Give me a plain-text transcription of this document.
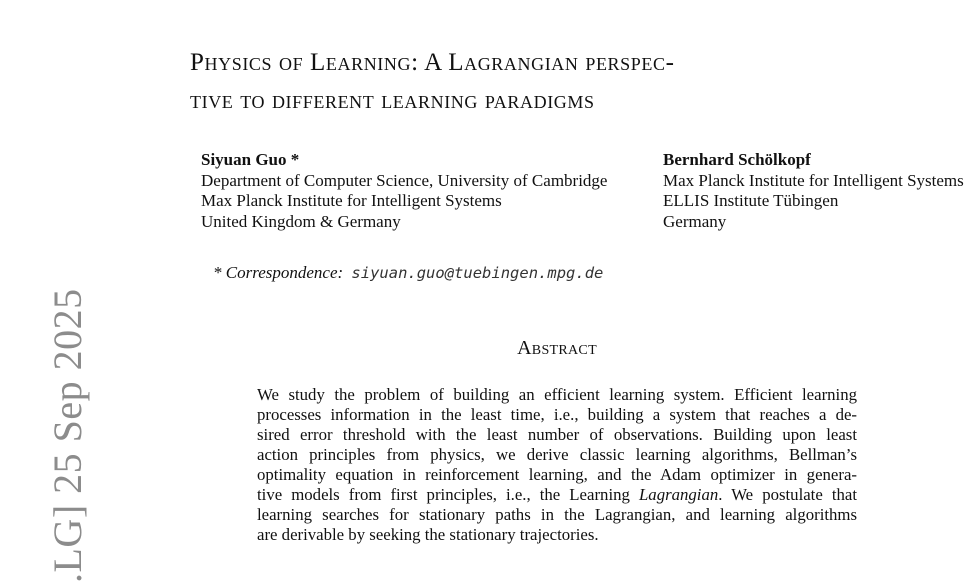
Physics of Learning: A Lagrangian perspec-
tive to different learning paradigms
Siyuan Guo *
Department of Computer Science, University of Cambridge
Max Planck Institute for Intelligent Systems
United Kingdom & Germany
Bernhard Schölkopf
Max Planck Institute for Intelligent Systems
ELLIS Institute Tübingen
Germany
* Correspondence: siyuan.guo@tuebingen.mpg.de
Abstract
We study the problem of building an efficient learning system. Efficient learning
processes information in the least time, i.e., building a system that reaches a de-
sired error threshold with the least number of observations. Building upon least
action principles from physics, we derive classic learning algorithms, Bellman’s
optimality equation in reinforcement learning, and the Adam optimizer in genera-
tive models from first principles, i.e., the Learning Lagrangian. We postulate that
learning searches for stationary paths in the Lagrangian, and learning algorithms
are derivable by seeking the stationary trajectories.
.LG] 25 Sep 2025
